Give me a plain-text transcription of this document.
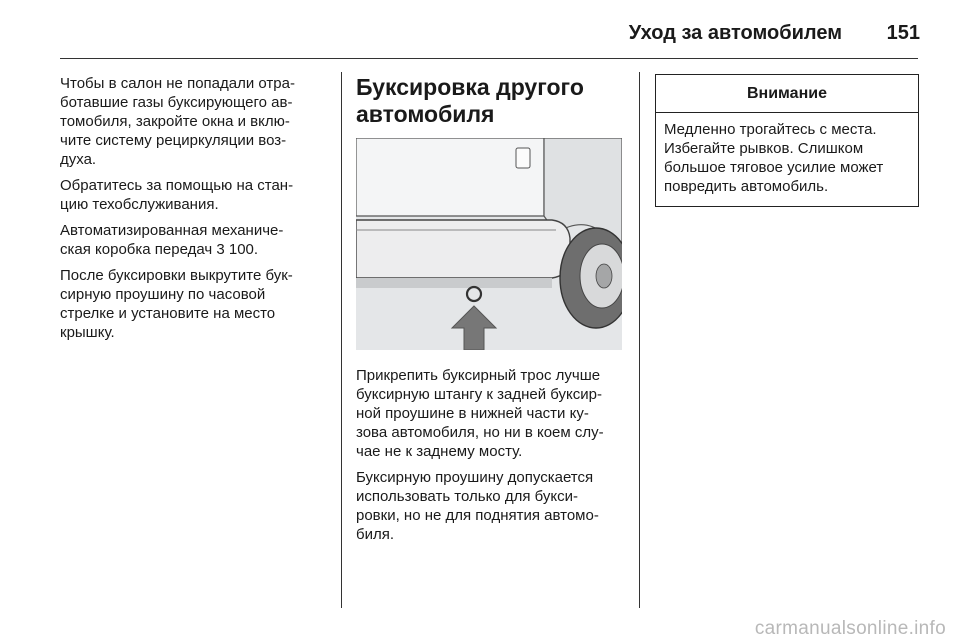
Уход за автомобилем 151

Чтобы в салон не попадали отра-
ботавшие газы буксирующего ав-
томобиля, закройте окна и вклю-
чите систему рециркуляции воз-
духа.

Обратитесь за помощью на стан-
цию техобслуживания.

Автоматизированная механиче-
ская коробка передач 3 100.

После буксировки выкрутите бук-
сирную проушину по часовой
стрелке и установите на место
крышку.

Буксировка другого
автомобиля

Прикрепить буксирный трос лучше
буксирную штангу к задней буксир-
ной проушине в нижней части ку-
зова автомобиля, но ни в коем слу-
чае не к заднему мосту.

Буксирную проушину допускается
использовать только для букси-
ровки, но не для поднятия автомо-
биля.

Внимание
Медленно трогайтесь с места.
Избегайте рывков. Слишком
большое тяговое усилие может
повредить автомобиль.
carmanualsonline.info
